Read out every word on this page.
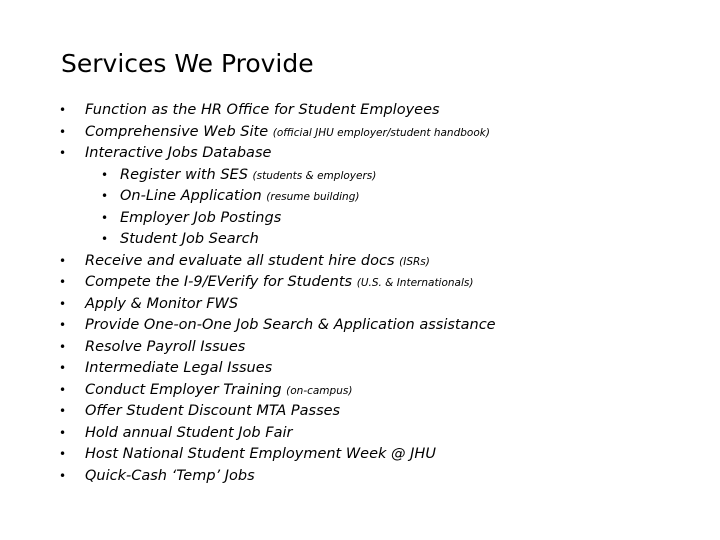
Services We Provide
• Function as the HR Office for Student Employees
• Comprehensive Web Site (official JHU employer/student handbook)
• Interactive Jobs Database
• Register with SES (students & employers)
• On-Line Application (resume building)
• Employer Job Postings
• Student Job Search
• Receive and evaluate all student hire docs (ISRs)
• Compete the I-9/EVerify for Students (U.S. & Internationals)
• Apply & Monitor FWS
• Provide One-on-One Job Search & Application assistance
• Resolve Payroll Issues
• Intermediate Legal Issues
• Conduct Employer Training (on-campus)
• Offer Student Discount MTA Passes
• Hold annual Student Job Fair
• Host National Student Employment Week @ JHU
• Quick-Cash ‘Temp’ Jobs
